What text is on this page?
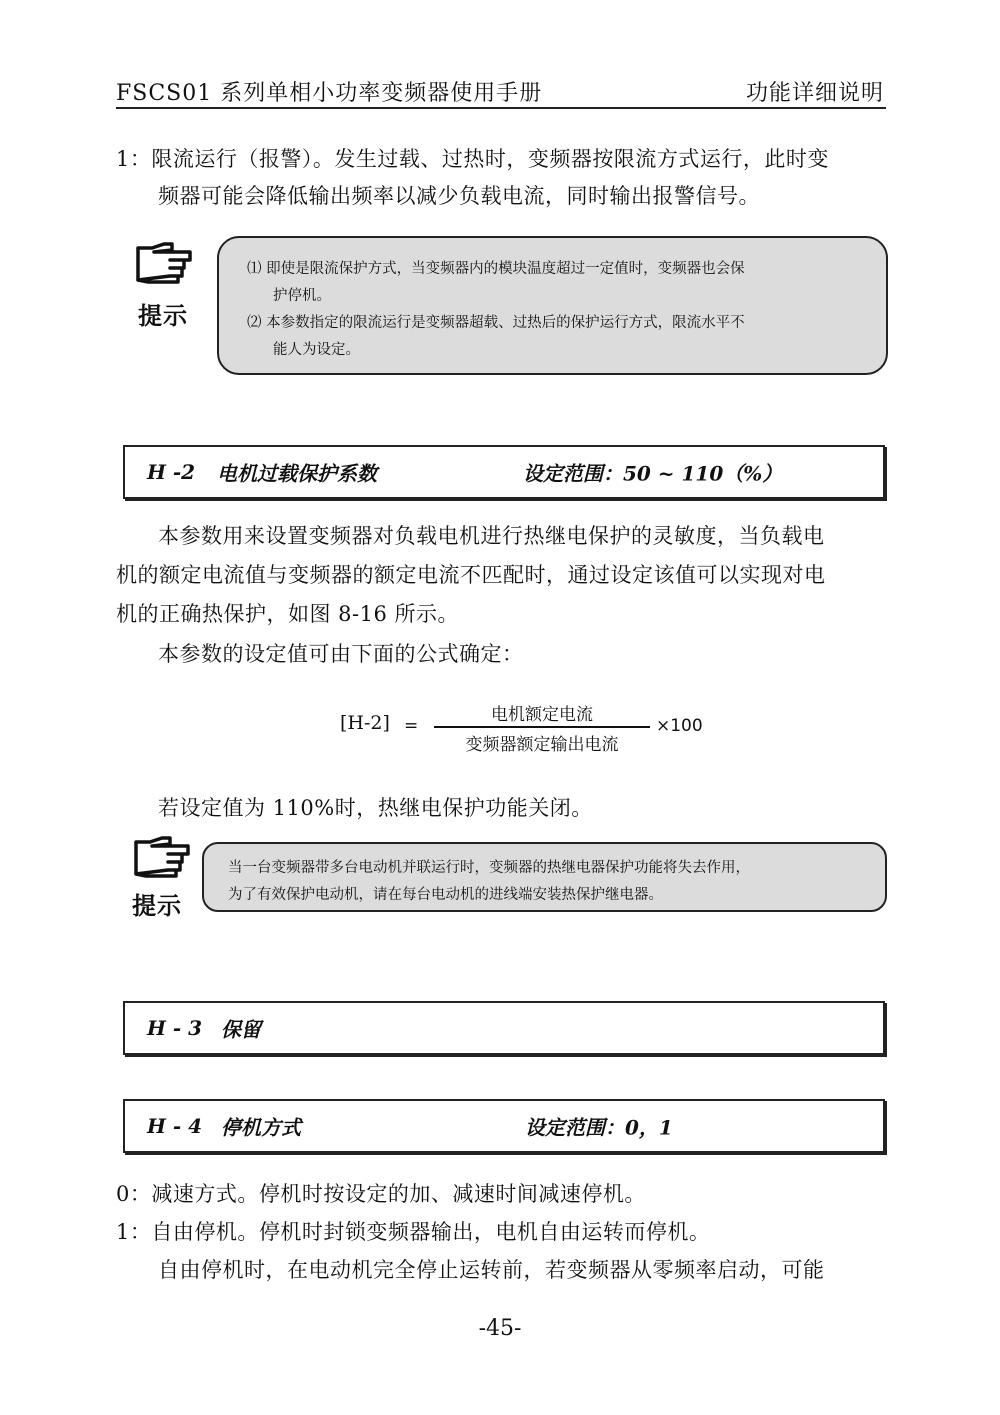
FSCS01 系列单相小功率变频器使用手册	功能详细说明
1：限流运行（报警）。发生过载、过热时，变频器按限流方式运行，此时变
频器可能会降低输出频率以减少负载电流，同时输出报警信号。
提示
⑴ 即使是限流保护方式，当变频器内的模块温度超过一定值时，变频器也会保
护停机。
⑵ 本参数指定的限流运行是变频器超载、过热后的保护运行方式，限流水平不
能人为设定。
H -2 电机过载保护系数	设定范围：50 ~ 110（%）
本参数用来设置变频器对负载电机进行热继电保护的灵敏度，当负载电
机的额定电流值与变频器的额定电流不匹配时，通过设定该值可以实现对电
机的正确热保护，如图 8-16 所示。
本参数的设定值可由下面的公式确定：
[H-2] =
电机额定电流
变频器额定输出电流
×100
若设定值为 110%时，热继电保护功能关闭。
提示
当一台变频器带多台电动机并联运行时，变频器的热继电器保护功能将失去作用，
为了有效保护电动机，请在每台电动机的进线端安装热保护继电器。
H - 3 保留
H - 4 停机方式	设定范围：0，1
0：减速方式。停机时按设定的加、减速时间减速停机。
1：自由停机。停机时封锁变频器输出，电机自由运转而停机。
自由停机时，在电动机完全停止运转前，若变频器从零频率启动，可能
-45-
